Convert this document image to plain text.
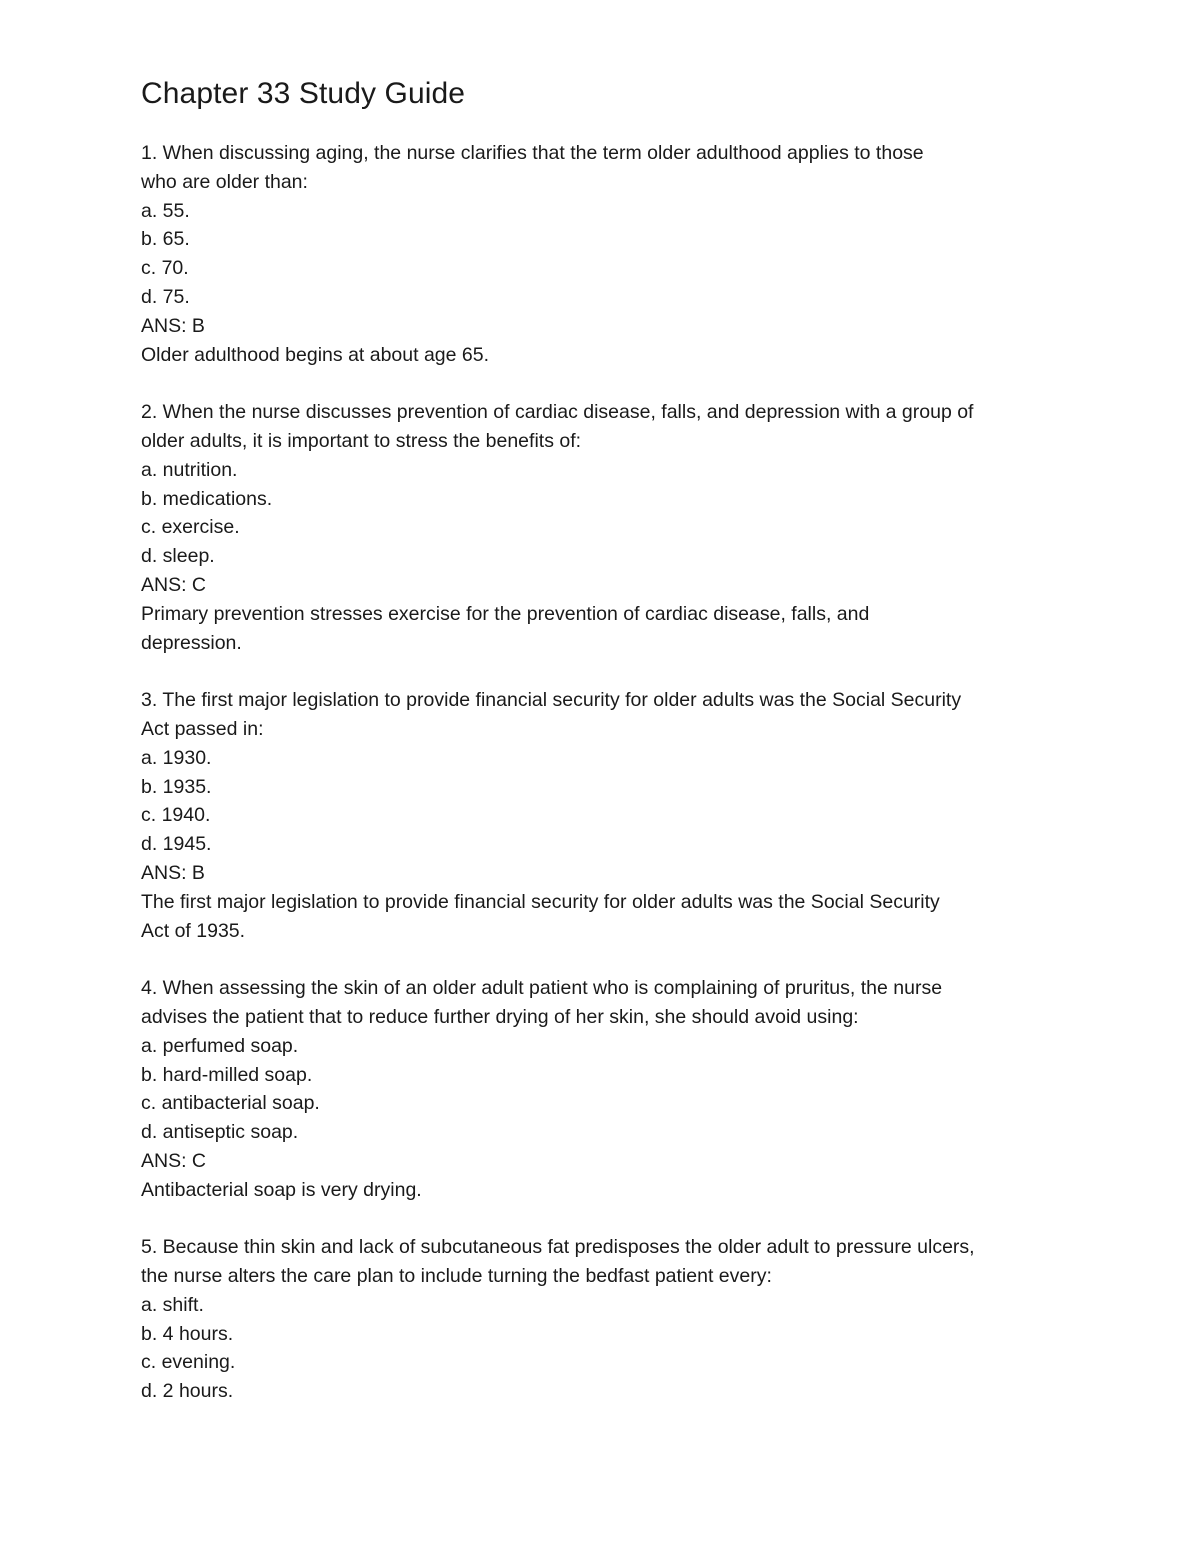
Chapter 33 Study Guide
1. When discussing aging, the nurse clarifies that the term older adulthood applies to those
who are older than:
a. 55.
b. 65.
c. 70.
d. 75.
ANS: B
Older adulthood begins at about age 65.
2. When the nurse discusses prevention of cardiac disease, falls, and depression with a group of
older adults, it is important to stress the benefits of:
a. nutrition.
b. medications.
c. exercise.
d. sleep.
ANS: C
Primary prevention stresses exercise for the prevention of cardiac disease, falls, and
depression.
3. The first major legislation to provide financial security for older adults was the Social Security
Act passed in:
a. 1930.
b. 1935.
c. 1940.
d. 1945.
ANS: B
The first major legislation to provide financial security for older adults was the Social Security
Act of 1935.
4. When assessing the skin of an older adult patient who is complaining of pruritus, the nurse
advises the patient that to reduce further drying of her skin, she should avoid using:
a. perfumed soap.
b. hard-milled soap.
c. antibacterial soap.
d. antiseptic soap.
ANS: C
Antibacterial soap is very drying.
5. Because thin skin and lack of subcutaneous fat predisposes the older adult to pressure ulcers,
the nurse alters the care plan to include turning the bedfast patient every:
a. shift.
b. 4 hours.
c. evening.
d. 2 hours.
